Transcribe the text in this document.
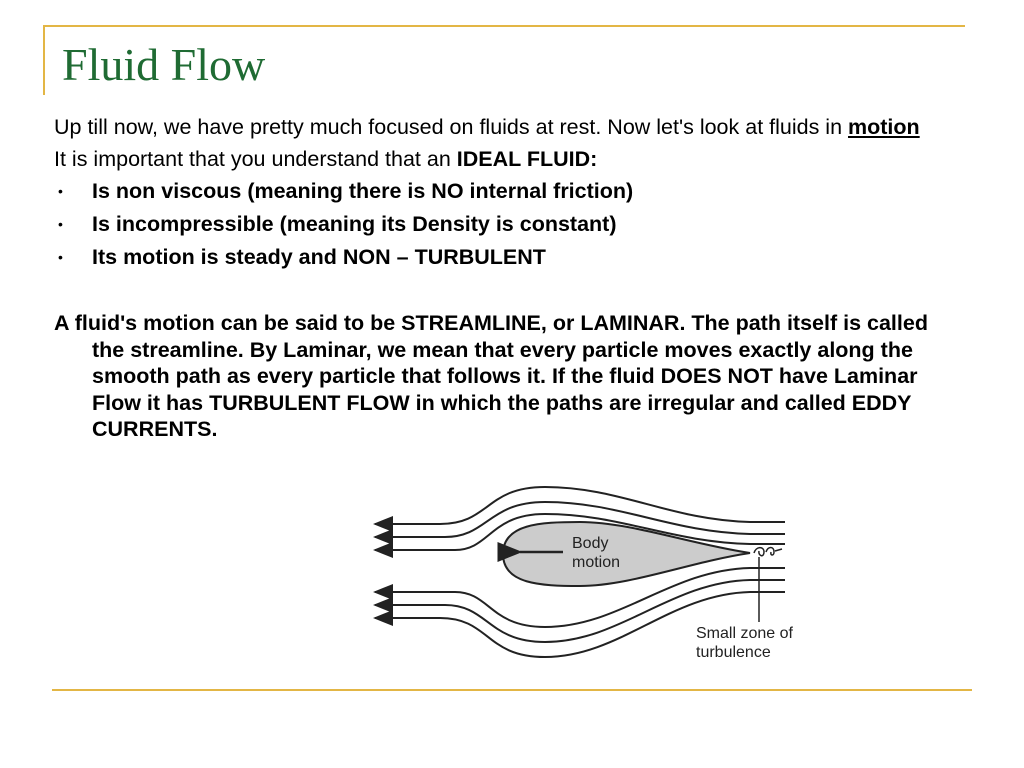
Fluid Flow

Up till now, we have pretty much focused on fluids at rest. Now let's look at fluids in motion

It is important that you understand that an IDEAL FLUID:

• Is non viscous (meaning there is NO internal friction)
• Is incompressible (meaning its Density is constant)
• Its motion is steady and NON – TURBULENT

A fluid's motion can be said to be STREAMLINE, or LAMINAR. The path itself is called the streamline. By Laminar, we mean that every particle moves exactly along the smooth path as every particle that follows it. If the fluid DOES NOT have Laminar Flow it has TURBULENT FLOW in which the paths are irregular and called EDDY CURRENTS.

Body
motion
Small zone of
turbulence
